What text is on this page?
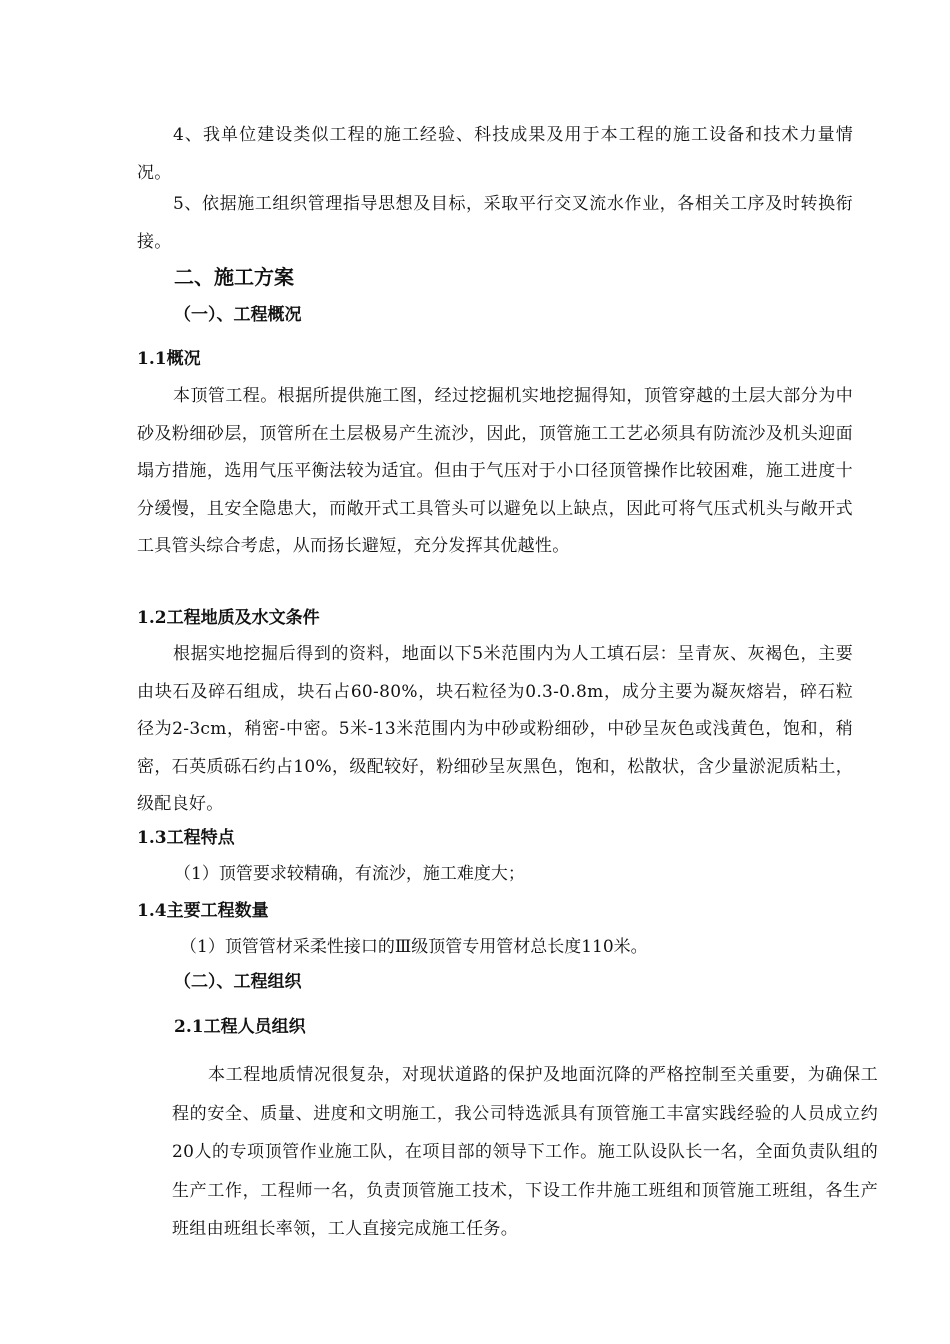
4、我单位建设类似工程的施工经验、科技成果及用于本工程的施工设备和技术力量情况。

5、依据施工组织管理指导思想及目标，采取平行交叉流水作业，各相关工序及时转换衔接。

二、施工方案
（一）、工程概况
1.1概况

本顶管工程。根据所提供施工图，经过挖掘机实地挖掘得知，顶管穿越的土层大部分为中砂及粉细砂层，顶管所在土层极易产生流沙，因此，顶管施工工艺必须具有防流沙及机头迎面塌方措施，选用气压平衡法较为适宜。但由于气压对于小口径顶管操作比较困难，施工进度十分缓慢，且安全隐患大，而敞开式工具管头可以避免以上缺点，因此可将气压式机头与敞开式工具管头综合考虑，从而扬长避短，充分发挥其优越性。

1.2工程地质及水文条件

根据实地挖掘后得到的资料，地面以下5米范围内为人工填石层：呈青灰、灰褐色，主要由块石及碎石组成，块石占60-80%，块石粒径为0.3-0.8m，成分主要为凝灰熔岩，碎石粒径为2-3cm，稍密-中密。5米-13米范围内为中砂或粉细砂，中砂呈灰色或浅黄色，饱和，稍密，石英质砾石约占10%，级配较好，粉细砂呈灰黑色，饱和，松散状，含少量淤泥质粘土，级配良好。

1.3工程特点

（1）顶管要求较精确，有流沙，施工难度大；

1.4主要工程数量

（1）顶管管材采柔性接口的Ⅲ级顶管专用管材总长度110米。

（二）、工程组织
2.1工程人员组织

本工程地质情况很复杂，对现状道路的保护及地面沉降的严格控制至关重要，为确保工程的安全、质量、进度和文明施工，我公司特选派具有顶管施工丰富实践经验的人员成立约20人的专项顶管作业施工队，在项目部的领导下工作。施工队设队长一名，全面负责队组的生产工作，工程师一名，负责顶管施工技术，下设工作井施工班组和顶管施工班组，各生产班组由班组长率领，工人直接完成施工任务。
